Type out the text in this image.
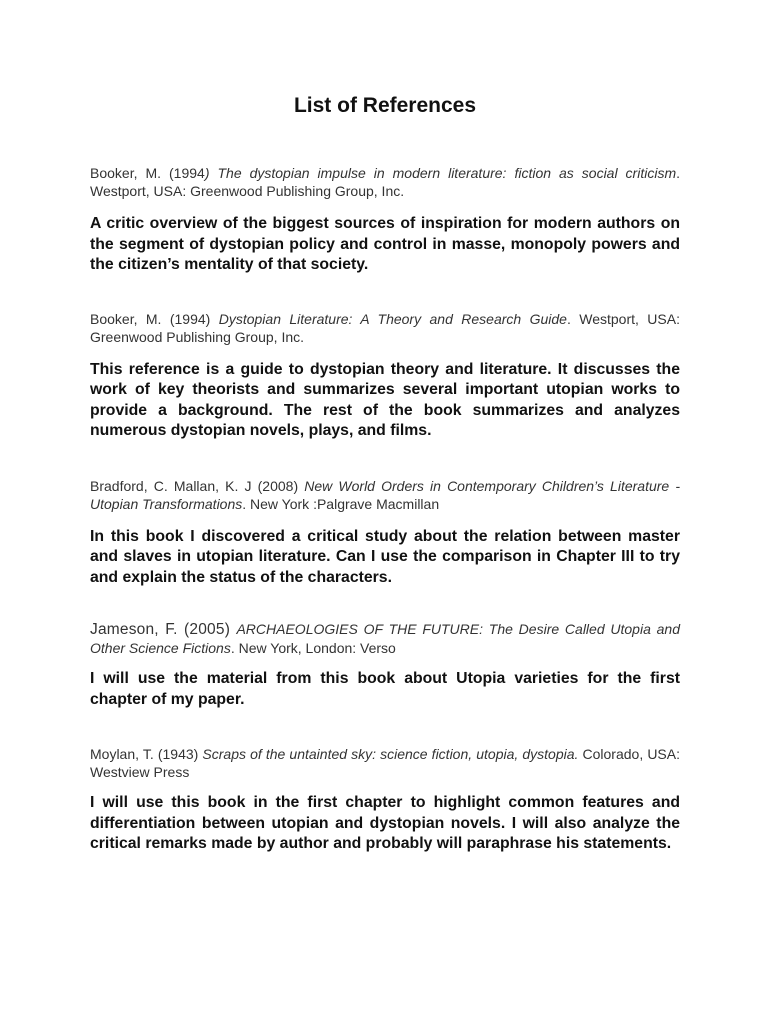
List of References

Booker, M. (1994) The dystopian impulse in modern literature: fiction as social criticism. Westport, USA: Greenwood Publishing Group, Inc.

A critic overview of the biggest sources of inspiration for modern authors on the segment of dystopian policy and control in masse, monopoly powers and the citizen’s mentality of that society.

Booker, M. (1994) Dystopian Literature: A Theory and Research Guide. Westport, USA: Greenwood Publishing Group, Inc.

This reference is a guide to dystopian theory and literature. It discusses the work of key theorists and summarizes several important utopian works to provide a background. The rest of the book summarizes and analyzes numerous dystopian novels, plays, and films.

Bradford, C. Mallan, K. J (2008) New World Orders in Contemporary Children’s Literature - Utopian Transformations. New York :Palgrave Macmillan

In this book I discovered a critical study about the relation between master and slaves in utopian literature. Can I use the comparison in Chapter III to try and explain the status of the characters.

Jameson, F. (2005) ARCHAEOLOGIES OF THE FUTURE: The Desire Called Utopia and Other Science Fictions. New York, London: Verso

I will use the material from this book about Utopia varieties for the first chapter of my paper.

Moylan, T. (1943) Scraps of the untainted sky: science fiction, utopia, dystopia. Colorado, USA: Westview Press

I will use this book in the first chapter to highlight common features and differentiation between utopian and dystopian novels. I will also analyze the critical remarks made by author and probably will paraphrase his statements.
